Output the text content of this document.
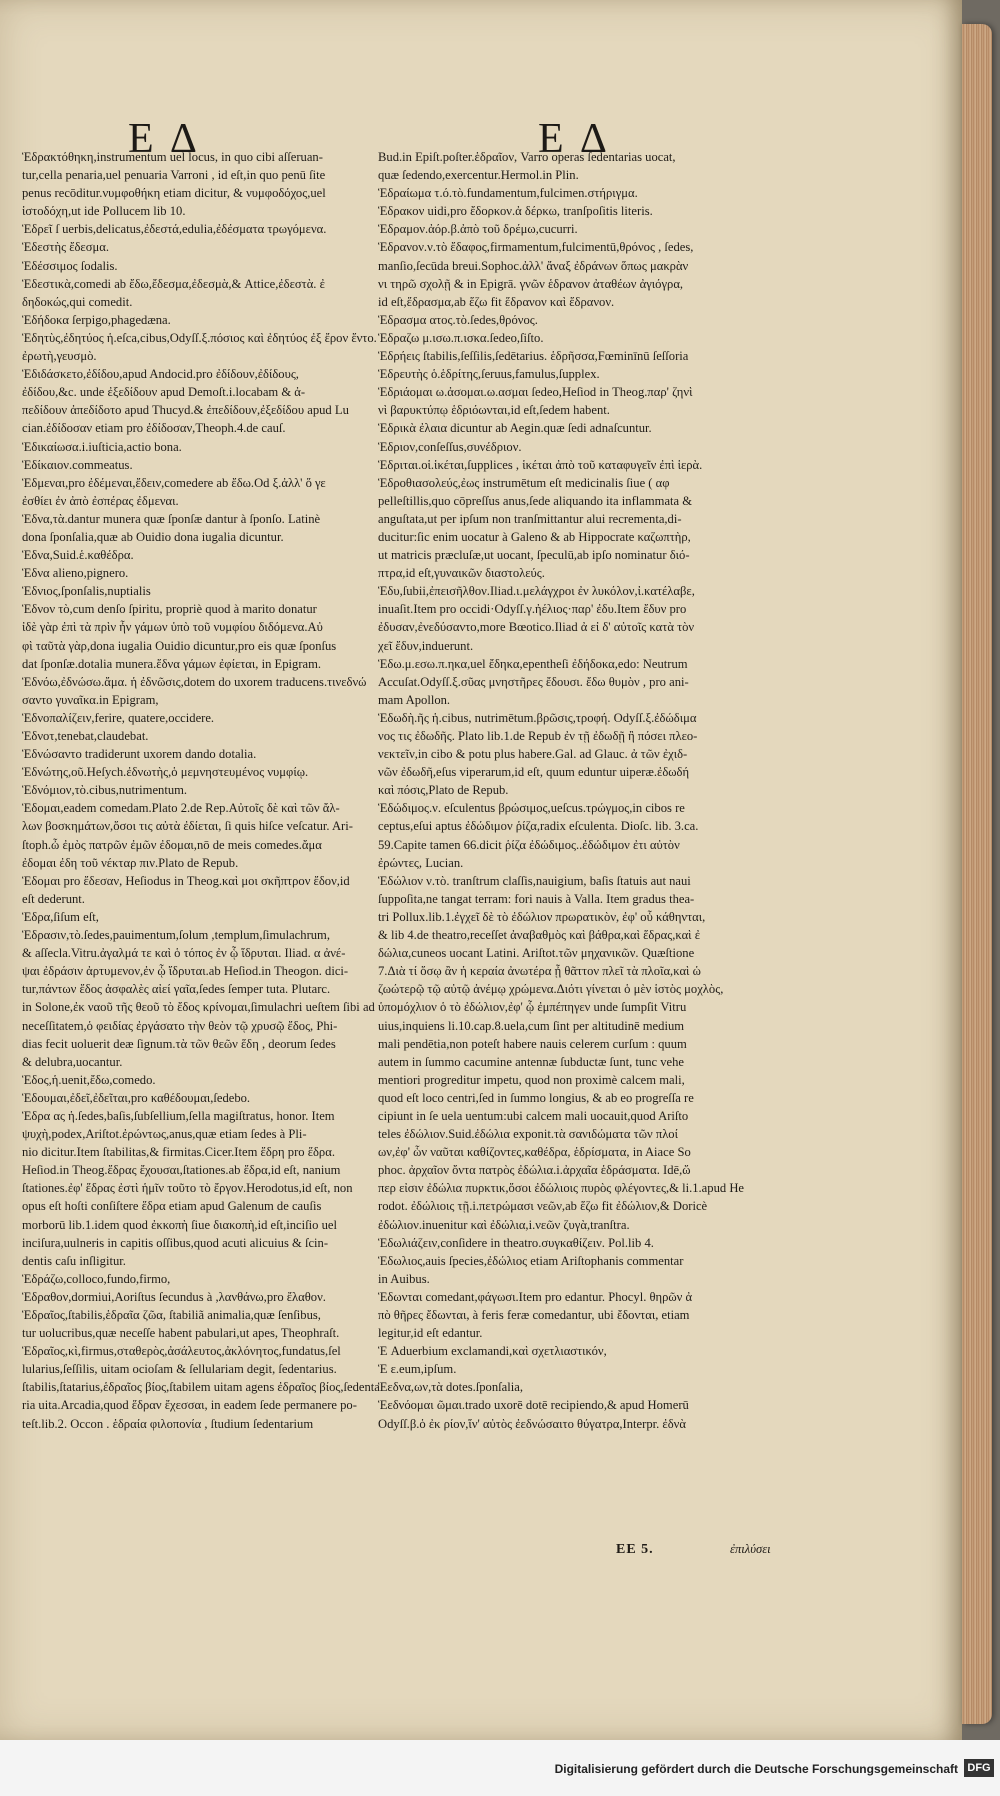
Ε Δ	Ε Δ

Ἑδρακτόθηκη,instrumentum uel locus, in quo cibi aſſeruan-

tur,cella penaria,uel penuaria Varroni , id eſt,in quo penū ſite

penus recōditur.νυμφοθήκη etiam dicitur, & νυμφοδόχος,uel

ἱστοδόχη,ut ide Pollucem lib 10.

Ἑδρεῖ ſ uerbis,delicatus,ἐδεστά,edulia,ἐδέσματα τρωγόμενα.

Ἑδεστὴς ἔδεσμα.

Ἑδέσσιμος ſodalis.

Ἑδεστικὰ,comedi ab ἔδω,ἔδεσμα,ἐδεσμὰ,& Attice,ἐδεστὰ. ἐ

δηδοκώς,qui comedit.

Ἑδήδοκα ſerpigo,phagedæna.

Ἑδητὺς,ἐδητύος ἡ.eſca,cibus,Odyſſ.ξ.πόσιος καὶ ἐδητύος ἐξ ἔρον ἕντο.

ἐρωτὴ,γευσμὸ.

Ἑδιδάσκετο,ἐδίδου,apud Andocid.pro ἐδίδουν,ἐδίδους,

ἐδίδου,&c. unde ἐξεδίδουν apud Demoſt.i.locabam & ἀ-

πεδίδουν ἀπεδίδοτο apud Thucyd.& ἐπεδίδουν,ἐξεδίδου apud Lu

cian.ἐδίδοσαν etiam pro ἐδίδοσαν,Theoph.4.de cauſ.

Ἑδικαίωσα.i.iuſticia,actio bona.

Ἑδίκαιον.commeatus.

Ἑδμεναι,pro ἐδέμεναι,ἔδειν,comedere ab ἔδω.Od ξ.ἀλλ' ὅ γε

ἐσθίει ἐν ἀπὸ ἐσπέρας ἐδμεναι.

Ἑδνα,τὰ.dantur munera quæ ſponſæ dantur à ſponſo. Latinè

dona ſponſalia,quæ ab Ouidio dona iugalia dicuntur.

Ἑδνα,Suid.ἑ.καθέδρα.

Ἑδνα alieno,pignero.

Ἑδνιος,ſponſalis,nuptialis

Ἑδνον τὸ,cum denſo ſpiritu, propriè quod à marito donatur

ἰδὲ γὰρ ἐπὶ τὰ πρὶν ἦν γάμων ὑπὸ τοῦ νυμφίου διδόμενα.Αὐ

φὶ ταῦτὰ γὰρ,dona iugalia Ouidio dicuntur,pro eis quæ ſponſus

dat ſponſæ.dotalia munera.ἕδνα γάμων ἐφίεται, in Epigram.

Ἑδνόω,ἐδνώσω.ἄμα. ἡ ἐδνῶσις,dotem do uxorem traducens.τινεδνώ

σαντο γυναῖκα.in Epigram,

Ἑδνοπαλίζειν,ferire, quatere,occidere.

Ἑδνοτ,tenebat,claudebat.

Ἑδνώσαντο tradiderunt uxorem dando dotalia.

Ἑδνώτης,οῦ.Heſych.ἐδνωτὴς,ὁ μεμνηστευμένος νυμφίῳ.

Ἑδνόμιον,τὸ.cibus,nutrimentum.

Ἑδομαι,eadem comedam.Plato 2.de Rep.Αὐτοῖς δὲ καὶ τῶν ἄλ-

λων βοσκημάτων,ὅσοι τις αὐτὰ ἐδίεται, ſi quis hiſce veſcatur. Ari-

ſtoph.ὦ ἐμὸς πατρῶν ἐμῶν ἐδομαι,nō de meis comedes.ἄμα

ἐδομαι ἐδη τοῦ νέκταρ πιν.Plato de Repub.

Ἑδομαι pro ἔδεσαν, Heſiodus in Theog.καὶ μοι σκῆπτρον ἔδον,id

eſt dederunt.

Ἑδρα,ſiſum eſt,

Ἑδρασιν,τὸ.ſedes,pauimentum,ſolum ,templum,ſimulachrum,

& aſſecla.Vitru.ἀγαλμά τε καὶ ὁ τόπος ἐν ᾧ ἵδρυται. Iliad. α ἀνέ-

ψαι ἐδράσιν ἀρτυμενον,ἐν ᾧ ἵδρυται.ab Heſiod.in Theogon. dici-

tur,πάντων ἕδος ἀσφαλὲς αἰεί γαῖα,ſedes ſemper tuta. Plutarc.

in Solone,ἐκ ναοῦ τῆς θεοῦ τὸ ἔδος κρίνομαι,ſimulachri ueſtem ſibi ad

neceſſitatem,ὁ φειδίας ἐργάσατο τὴν θεὸν τῷ χρυσῷ ἔδος, Phi-

dias fecit uoluerit deæ ſignum.τὰ τῶν θεῶν ἕδη , deorum ſedes

& delubra,uocantur.

Ἑδος,ἡ.uenit,ἔδω,comedo.

Ἑδουμαι,ἐδεῖ,ἐδεῖται,pro καθέδουμαι,ſedebo.

Ἑδρα ας ἡ.ſedes,baſis,ſubſellium,ſella magiſtratus, honor. Item

ψυχὴ,podex,Ariſtot.ἐρώντως,anus,quæ etiam ſedes à Pli-

nio dicitur.Item ſtabilitas,& firmitas.Cicer.Item ἕδρη pro ἕδρα.

Heſiod.in Theog.ἕδρας ἔχουσαι,ſtationes.ab ἕδρα,id eſt, nanium

ſtationes.ἐφ' ἕδρας ἐστὶ ἡμῖν τοῦτο τὸ ἔργον.Herodotus,id eſt, non

opus eſt hoſti conſiſtere ἕδρα etiam apud Galenum de cauſis

morborū lib.1.idem quod ἐκκοπὴ ſiue διακοπὴ,id eſt,inciſio uel

inciſura,uulneris in capitis oſſibus,quod acuti alicuius & ſcin-

dentis caſu inſligitur.

Ἑδράζω,colloco,fundo,firmo,

Ἑδραθον,dormiui,Aoriſtus ſecundus à ,λανθάνω,pro ἔλαθον.

Ἑδραῖος,ſtabilis,ἑδραῖα ζῶα, ſtabiliã animalia,quæ ſenſibus,

tur uolucribus,quæ neceſſe habent pabulari,ut apes, Theophraſt.

Ἑδραῖος,κὶ,firmus,σταθερὸς,ἀσάλευτος,ἀκλόνητος,fundatus,ſel

lularius,ſeſſilis, uitam ocioſam & ſellulariam degit, ſedentarius.

ſtabilis,ſtatarius,ἑδραῖος βίος,ſtabilem uitam agens ἐδραῖος βίος,ſedenta

ria uita.Arcadia,quod ἕδραν ἔχεσσαι, in eadem ſede permanere po-

teſt.lib.2. Occon . ἑδραία φιλοπονία , ſtudium ſedentarium

Bud.in Epiſt.poſter.ἑδραῖον, Varro operas ſedentarias uocat,

quæ ſedendo,exercentur.Hermol.in Plin.

Ἑδραίωμα τ.ό.τὸ.fundamentum,fulcimen.στήριγμα.

Ἑδρακον uidi,pro ἔδορκον.ἀ δέρκω, tranſpoſitis literis.

Ἑδραμον.ἀόρ.β.ἀπὸ τοῦ δρέμω,cucurri.

Ἑδρανον.ν.τὸ ἔδαφος,firmamentum,fulcimentū,θρόνος , ſedes,

manſio,ſecūda breui.Sophoc.ἀλλ' ἄναξ ἐδράνων ὅπως μακρὰν

νι τηρῶ σχολῇ & in Epigrā. γνῶν ἑδρανον ἀταθέων ἀγιόγρα,

id eſt,ἕδρασμα,ab ἕζω fit ἕδρανον καὶ ἕδρανον.

Ἑδρασμα ατος.τὸ.ſedes,θρόνος.

Ἑδραζω μ.ισω.π.ισκα.ſedeo,ſiſto.

Ἑδρήεις ſtabilis,ſeſſilis,ſedētarius. ἑδρῆσσα,Fœminīnū ſeſſoria

Ἑδρευτὴς ὁ.ἑδρίτης,ſeruus,famulus,ſupplex.

Ἑδριάομαι ω.ἀσομαι.ω.ασμαι ſedeo,Heſiod in Theog.παρ' ζηνὶ

νὶ βαρυκτύπῳ ἑδριόωνται,id eſt,ſedem habent.

Ἑδρικὰ ἐλαια dicuntur ab Aegin.quæ ſedi adnaſcuntur.

Ἑδριον,conſeſſus,συνέδριον.

Ἑδριται.οἱ.ἱκέται,ſupplices , ἱκέται ἀπὸ τοῦ καταφυγεῖν ἐπὶ ἱερὰ.

Ἑδροθιασολεύς,ἐως instrumētum eſt medicinalis ſiue ( αφ

pelleſtillis,quo cōpreſſus anus,ſede aliquando ita inflammata &

anguſtata,ut per ipſum non tranſmittantur alui recrementa,di-

ducitur:ſic enim uocatur à Galeno & ab Hippocrate καζωπτὴρ,

ut matricis præcluſæ,ut uocant, ſpeculū,ab ipſo nominatur διό-

πτρα,id eſt,γυναικῶν διαστολεύς.

Ἑδυ,ſubii,ἐπεισῆλθον.Iliad.ι.μελάγχροι ἐν λυκόλον,ἰ.κατέλαβε,

inuaſit.Item pro occidi·Odyſſ.γ.ἠέλιος·παρ' ἐδυ.Item ἔδυν pro

ἐδυσαν,ἐνεδύσαντο,more Bœotico.Iliad ἀ εἰ δ' αὐτοῖς κατὰ τὸν

χεῖ ἔδυν,induerunt.

Ἑδω.μ.εσω.π.ηκα,uel ἔδηκα,epentheſi ἐδήδοκα,edo: Neutrum

Accuſat.Odyſſ.ξ.σῦας μνηστῆρες ἔδουσι. ἔδω θυμὸν , pro ani-

mam Apollon.

Ἑδωδὴ.ῆς ἡ.cibus, nutrimētum.βρῶσις,τροφή. Odyſſ.ξ.ἐδώδιμα

νος τις ἐδωδῆς. Plato lib.1.de Repub ἐν τῇ ἐδωδῇ ἢ πόσει πλεο-

νεκτεῖν,in cibo & potu plus habere.Gal. ad Glauc. ἀ τῶν ἐχιδ-

νῶν ἐδωδῆ,eſus viperarum,id eſt, quum eduntur uiperæ.ἐδωδή

καὶ πόσις,Plato de Repub.

Ἑδώδιμος.ν. eſculentus βρώσιμος,ueſcus.τρώγμος,in cibos re

ceptus,eſui aptus ἐδώδιμον ῥίζα,radix eſculenta. Dioſc. lib. 3.ca.

59.Capite tamen 66.dicit ῥίζα ἐδώδιμος..ἐδώδιμον ἐτι αὐτὸν

ἐρώντες, Lucian.

Ἑδώλιον ν.τὸ. tranſtrum claſſis,nauigium, baſis ſtatuis aut naui

ſuppoſita,ne tangat terram: fori nauis à Valla. Item gradus thea-

tri Pollux.lib.1.ἐγχεῖ δὲ τὸ ἐδώλιον πρωρατικὸν, ἐφ' οὗ κάθηνται,

& lib 4.de theatro,receſſet ἀναβαθμὸς καὶ βάθρα,καὶ ἕδρας,καὶ ἐ

δώλια,cuneos uocant Latini. Ariſtot.τῶν μηχανικῶν. Quæſtione

7.Διὰ τί ὅσῳ ἂν ἡ κεραία ἀνωτέρα ᾖ θᾶττον πλεῖ τὰ πλοῖα,καὶ ὡ

ζωώτερῷ τῷ αὐτῷ ἀνέμῳ χρώμενα.Διότι γίνεται ὁ μὲν ἱστὸς μοχλὸς,

ὑπομόχλιον ὁ τὸ ἐδώλιον,ἐφ' ᾧ ἐμπέπηγεν unde ſumpſit Vitru

uius,inquiens li.10.cap.8.uela,cum ſint per altitudinē medium

mali pendētia,non poteſt habere nauis celerem curſum : quum

autem in ſummo cacumine antennæ ſubductæ ſunt, tunc vehe

mentiori progreditur impetu, quod non proximè calcem mali,

quod eſt loco centri,ſed in ſummo longius, & ab eo progreſſa re

cipiunt in ſe uela uentum:ubi calcem mali uocauit,quod Ariſto

teles ἐδώλιον.Suid.ἐδώλια exponit.τὰ σανιδώματα τῶν πλοί

ων,ἐφ' ὧν ναῦται καθίζοντες,καθέδρα, ἑδρίσματα, in Aiace So

phoc. ἀρχαῖον ὄντα πατρὸς ἐδώλια.i.ἀρχαῖα ἑδράσματα. Idē,ὥ

περ εἰσιν ἐδώλια πυρκτικ,ὅσοι ἐδώλιοις πυρὸς φλέγοντες,& li.1.apud He

rodot. ἐδώλιοις τῇ.i.πετρώμασι νεῶν,ab ἕζω fit ἐδώλιον,& Doricè

ἐδώλιον.inuenitur καὶ ἐδώλια,i.νεῶν ζυγὰ,tranſtra.

Ἑδωλιάζειν,conſidere in theatro.συγκαθίζειν. Pol.lib 4.

Ἑδωλιος,auis ſpecies,ἐδώλιος etiam Ariſtophanis commentar

in Auibus.

Ἑδωνται comedant,φάγωσι.Item pro edantur. Phocyl. θηρῶν ἀ

πὸ θῆρες ἔδωνται, à feris feræ comedantur, ubi ἔδονται, etiam

legitur,id eſt edantur.

Ἑ Aduerbium exclamandi,καὶ σχετλιαστικόν,

Ἑ ε.eum,ipſum.

Ἑεδνα,ων,τὰ dotes.ſponſalia,

Ἑεδνόομαι ῶμαι.trado uxorē dotē recipiendo,& apud Homerū

Odyſſ.β.ὁ ἐκ ρίον,ἵν' αὐτὸς ἐεδνώσαιτο θύγατρα,Interpr. ἐδνὰ

EE 5.	ἐπιλύσει
Digitalisierung gefördert durch die Deutsche Forschungsgemeinschaft DFG
